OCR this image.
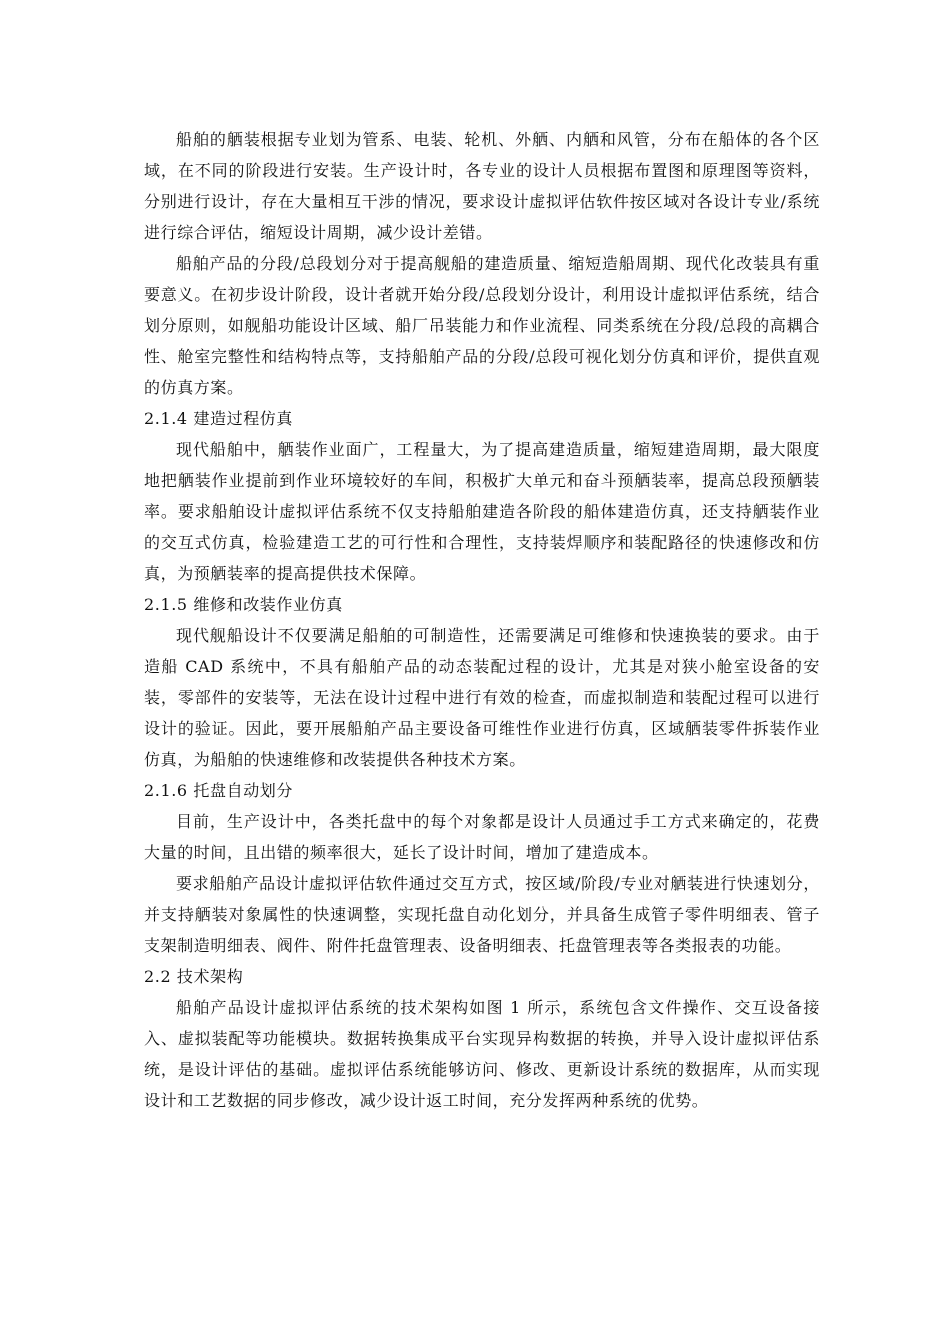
船舶的舾装根据专业划为管系、电装、轮机、外舾、内舾和风管，分布在船体的各个区域，在不同的阶段进行安装。生产设计时，各专业的设计人员根据布置图和原理图等资料，分别进行设计，存在大量相互干涉的情况，要求设计虚拟评估软件按区域对各设计专业/系统进行综合评估，缩短设计周期，减少设计差错。

船舶产品的分段/总段划分对于提高舰船的建造质量、缩短造船周期、现代化改装具有重要意义。在初步设计阶段，设计者就开始分段/总段划分设计，利用设计虚拟评估系统，结合划分原则，如舰船功能设计区域、船厂吊装能力和作业流程、同类系统在分段/总段的高耦合性、舱室完整性和结构特点等，支持船舶产品的分段/总段可视化划分仿真和评价，提供直观的仿真方案。

2.1.4 建造过程仿真

现代船舶中，舾装作业面广，工程量大，为了提高建造质量，缩短建造周期，最大限度地把舾装作业提前到作业环境较好的车间，积极扩大单元和奋斗预舾装率，提高总段预舾装率。要求船舶设计虚拟评估系统不仅支持船舶建造各阶段的船体建造仿真，还支持舾装作业的交互式仿真，检验建造工艺的可行性和合理性，支持装焊顺序和装配路径的快速修改和仿真，为预舾装率的提高提供技术保障。

2.1.5 维修和改装作业仿真

现代舰船设计不仅要满足船舶的可制造性，还需要满足可维修和快速换装的要求。由于造船 CAD 系统中，不具有船舶产品的动态装配过程的设计，尤其是对狭小舱室设备的安装，零部件的安装等，无法在设计过程中进行有效的检查，而虚拟制造和装配过程可以进行设计的验证。因此，要开展船舶产品主要设备可维性作业进行仿真，区域舾装零件拆装作业仿真，为船舶的快速维修和改装提供各种技术方案。

2.1.6 托盘自动划分

目前，生产设计中，各类托盘中的每个对象都是设计人员通过手工方式来确定的，花费大量的时间，且出错的频率很大，延长了设计时间，增加了建造成本。

要求船舶产品设计虚拟评估软件通过交互方式，按区域/阶段/专业对舾装进行快速划分，并支持舾装对象属性的快速调整，实现托盘自动化划分，并具备生成管子零件明细表、管子支架制造明细表、阀件、附件托盘管理表、设备明细表、托盘管理表等各类报表的功能。

2.2 技术架构

船舶产品设计虚拟评估系统的技术架构如图 1 所示，系统包含文件操作、交互设备接入、虚拟装配等功能模块。数据转换集成平台实现异构数据的转换，并导入设计虚拟评估系统，是设计评估的基础。虚拟评估系统能够访问、修改、更新设计系统的数据库，从而实现设计和工艺数据的同步修改，减少设计返工时间，充分发挥两种系统的优势。
